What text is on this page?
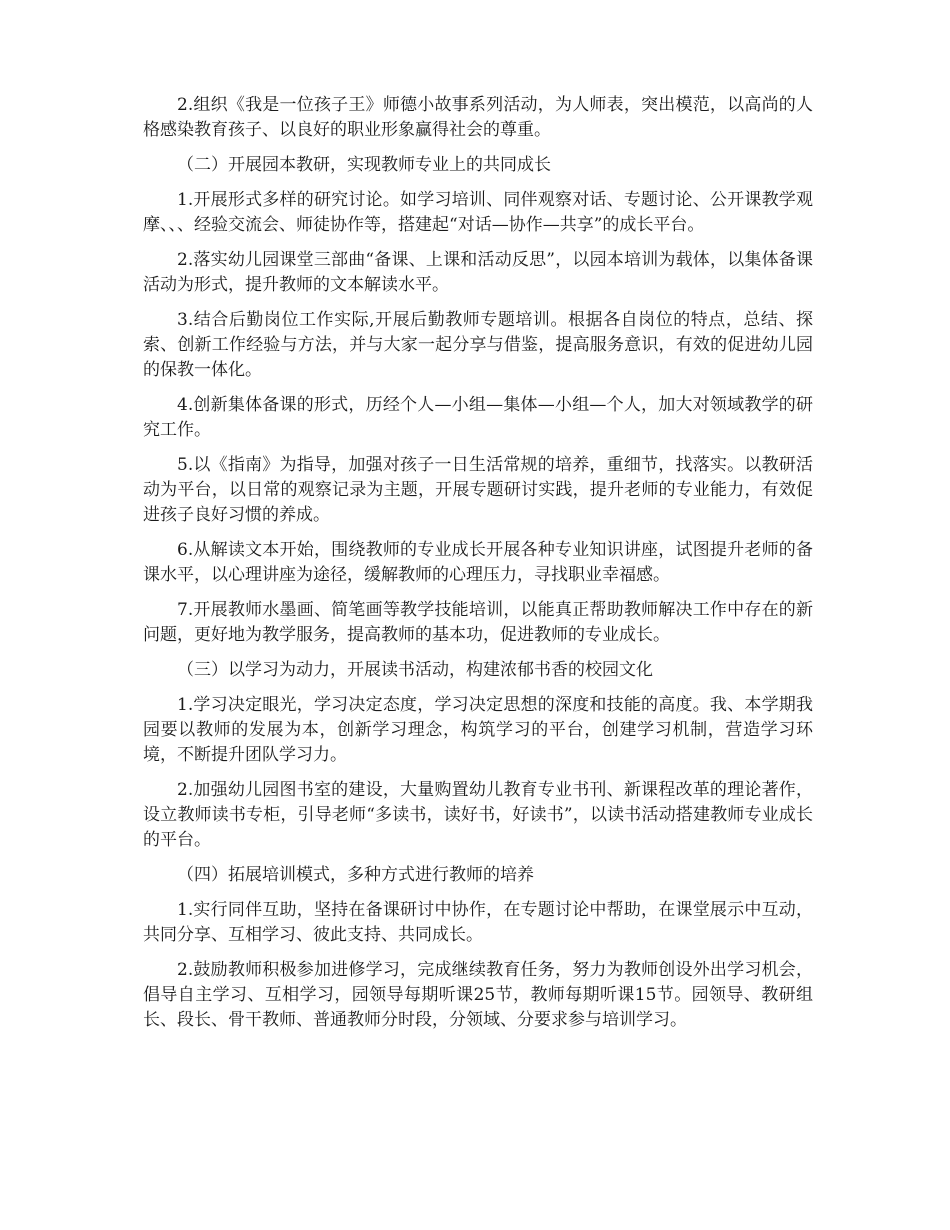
2.组织《我是一位孩子王》师德小故事系列活动，为人师表，突出模范，以高尚的人格感染教育孩子、以良好的职业形象赢得社会的尊重。

（二）开展园本教研，实现教师专业上的共同成长

1.开展形式多样的研究讨论。如学习培训、同伴观察对话、专题讨论、公开课教学观摩、、、经验交流会、师徒协作等，搭建起“对话—协作—共享”的成长平台。

2.落实幼儿园课堂三部曲“备课、上课和活动反思”，以园本培训为载体，以集体备课活动为形式，提升教师的文本解读水平。

3.结合后勤岗位工作实际,开展后勤教师专题培训。根据各自岗位的特点，总结、探索、创新工作经验与方法，并与大家一起分享与借鉴，提高服务意识，有效的促进幼儿园的保教一体化。

4.创新集体备课的形式，历经个人—小组—集体—小组—个人，加大对领域教学的研究工作。

5.以《指南》为指导，加强对孩子一日生活常规的培养，重细节，找落实。以教研活动为平台，以日常的观察记录为主题，开展专题研讨实践，提升老师的专业能力，有效促进孩子良好习惯的养成。

6.从解读文本开始，围绕教师的专业成长开展各种专业知识讲座，试图提升老师的备课水平，以心理讲座为途径，缓解教师的心理压力，寻找职业幸福感。

7.开展教师水墨画、简笔画等教学技能培训，以能真正帮助教师解决工作中存在的新问题，更好地为教学服务，提高教师的基本功，促进教师的专业成长。

（三）以学习为动力，开展读书活动，构建浓郁书香的校园文化

1.学习决定眼光，学习决定态度，学习决定思想的深度和技能的高度。我、本学期我园要以教师的发展为本，创新学习理念，构筑学习的平台，创建学习机制，营造学习环境，不断提升团队学习力。

2.加强幼儿园图书室的建设，大量购置幼儿教育专业书刊、新课程改革的理论著作，设立教师读书专柜，引导老师“多读书，读好书，好读书”，以读书活动搭建教师专业成长的平台。

（四）拓展培训模式，多种方式进行教师的培养

1.实行同伴互助，坚持在备课研讨中协作，在专题讨论中帮助，在课堂展示中互动，共同分享、互相学习、彼此支持、共同成长。

2.鼓励教师积极参加进修学习，完成继续教育任务，努力为教师创设外出学习机会，倡导自主学习、互相学习，园领导每期听课25节，教师每期听课15节。园领导、教研组长、段长、骨干教师、普通教师分时段，分领域、分要求参与培训学习。
